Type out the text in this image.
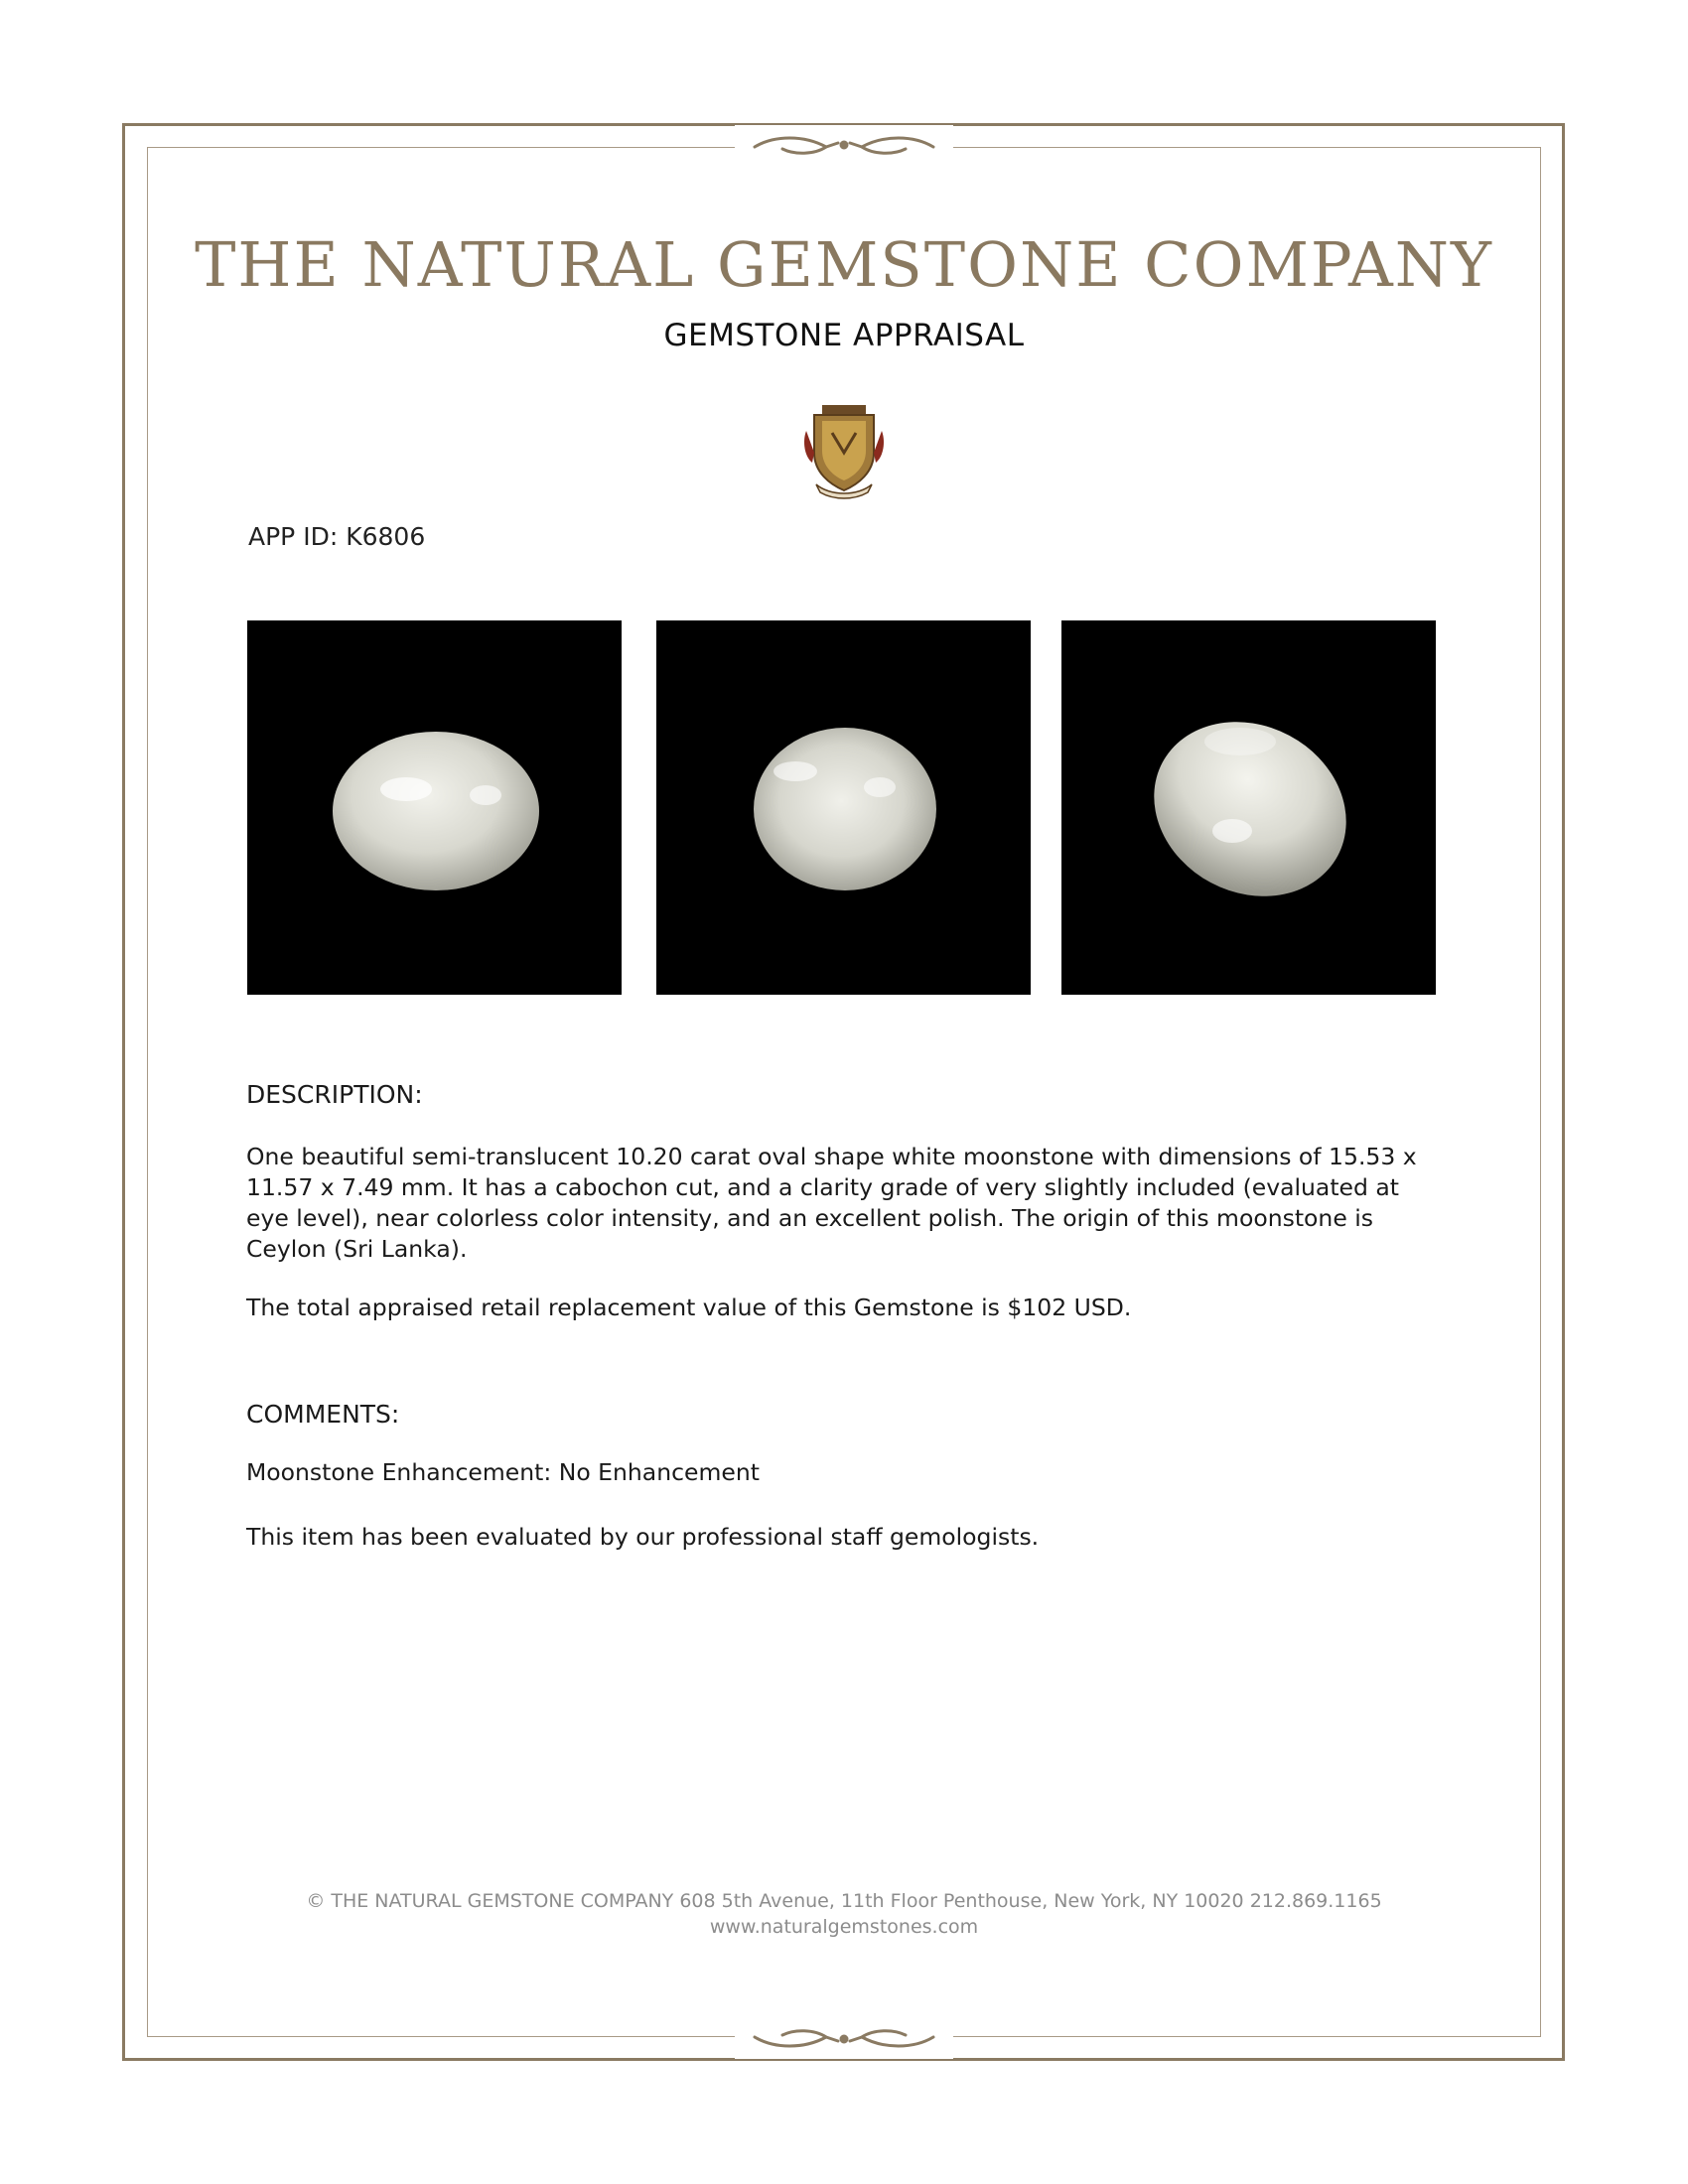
THE NATURAL GEMSTONE COMPANY
GEMSTONE APPRAISAL
APP ID: K6806
DESCRIPTION:
One beautiful semi-translucent 10.20 carat oval shape white moonstone with dimensions of 15.53 x 11.57 x 7.49 mm. It has a cabochon cut, and a clarity grade of very slightly included (evaluated at eye level), near colorless color intensity, and an excellent polish. The origin of this moonstone is Ceylon (Sri Lanka).
The total appraised retail replacement value of this Gemstone is $102 USD.
COMMENTS:
Moonstone Enhancement: No Enhancement
This item has been evaluated by our professional staff gemologists.
© THE NATURAL GEMSTONE COMPANY 608 5th Avenue, 11th Floor Penthouse, New York, NY 10020 212.869.1165
www.naturalgemstones.com
